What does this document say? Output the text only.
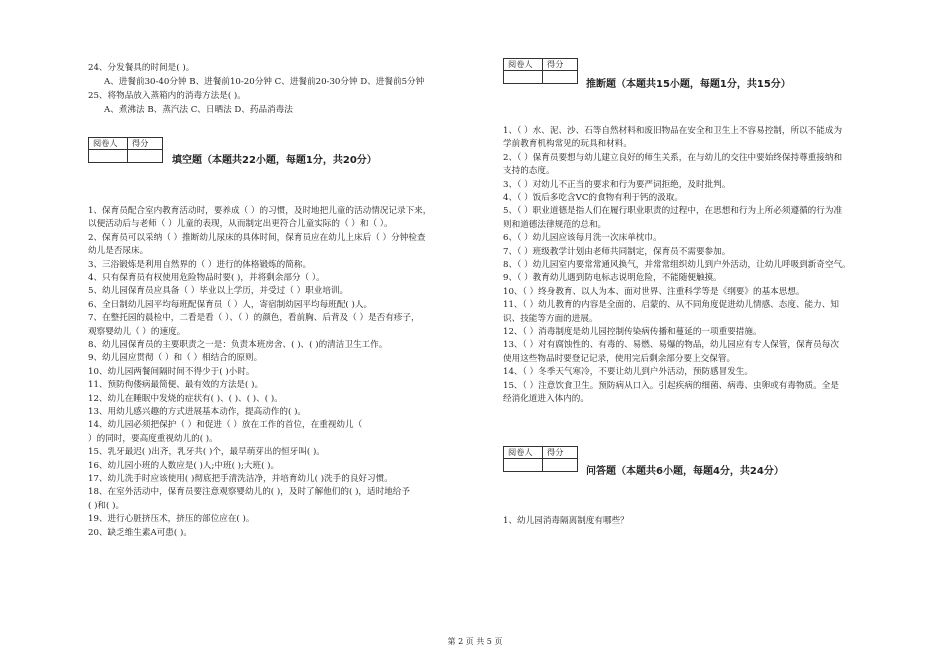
24、分发餐具的时间是( )。
A、进餐前30-40分钟 B、进餐前10-20分钟 C、进餐前20-30分钟 D、进餐前5分钟
25、将物品放入蒸箱内的消毒方法是( )。
A、煮沸法 B、蒸汽法 C、日晒法 D、药品消毒法
阅卷人	得分

填空题（本题共22小题，每题1分，共20分）
1、保育员配合室内教育活动时，要养成（ ）的习惯，及时地把儿童的活动情况记录下来，
以便活动后与老师（ ）儿童的表现，从而制定出更符合儿童实际的（ ）和（ ）。
2、保育员可以采纳（ ）推断幼儿尿床的具体时间，保育员应在幼儿上床后（ ）分钟检查
幼儿是否尿床。
3、三浴锻炼是利用自然界的（ ）进行的体格锻炼的简称。
4、只有保育员有权使用危险物品时要( )，并将剩余部分（ ）。
5、幼儿园保育员应具备（ ）毕业以上学历，并受过（ ）职业培训。
6、全日制幼儿园平均每班配保育员（ ）人，寄宿制幼园平均每班配( )人。
7、在整托园的晨检中，二看是看（ ）、（ ）的颜色，看前胸、后背及（ ）是否有疹子，
观察婴幼儿（ ）的速度。
8、幼儿园保育员的主要职责之一是：负责本班房舍、( )、( )的清洁卫生工作。
9、幼儿园应贯彻（ ）和（ ）相结合的原则。
10、幼儿园两餐间隔时间不得少于( )小时。
11、预防佝偻病最简便、最有效的方法是( )。
12、幼儿在睡眠中发烧的症状有( )、( )、( )、( )。
13、用幼儿感兴趣的方式进展基本动作，提高动作的( )。
14、幼儿园必须把保护（ ）和促进（ ）放在工作的首位，在重视幼儿（
）的同时，要高度重视幼儿的( )。
15、乳牙最迟( )出齐，乳牙共( )个，最早萌芽出的恒牙叫( )。
16、幼儿园小班的人数应是( )人;中班( );大班( )。
17、幼儿洗手时应该使用( )彻底把手清洗洁净，并培育幼儿( )洗手的良好习惯。
18、在室外活动中，保育员要注意观察婴幼儿的( )，及时了解他们的( )，适时地给予
( )和( )。
19、进行心脏挤压术，挤压的部位应在( )。
20、缺乏维生素A可患( )。
阅卷人	得分

推断题（本题共15小题，每题1分，共15分）
1、（ ）水、泥、沙、石等自然材料和废旧物品在安全和卫生上不容易控制，所以不能成为
学前教育机构常见的玩具和材料。
2、（ ）保育员要想与幼儿建立良好的师生关系，在与幼儿的交往中要始终保持尊重接纳和
支持的态度。
3、（ ）对幼儿不正当的要求和行为要严词拒绝，及时批判。
4、（ ）饭后多吃含VC的食物有利于钙的汲取。
5、（ ）职业道德是指人们在履行职业职责的过程中，在思想和行为上所必须遵循的行为准
则和道德法律规范的总和。
6、（ ）幼儿园应该每月洗一次床单枕巾。
7、（ ）班级教学计划由老师共同制定，保育员不需要参加。
8、（ ）幼儿园室内要常常通风换气，并常常组织幼儿到户外活动，让幼儿呼吸到新奇空气。
9、（ ）教育幼儿遇到防电标志说明危险，不能随便触摸。
10、（ ）终身教育、以人为本、面对世界、注重科学等是《纲要》的基本思想。
11、（ ）幼儿教育的内容是全面的、启蒙的、从不同角度促进幼儿情感、态度、能力、知
识、技能等方面的进展。
12、（ ）消毒制度是幼儿园控制传染病传播和蔓延的一项重要措施。
13、（ ）对有腐蚀性的、有毒的、易燃、易爆的物品，幼儿园应有专人保管，保育员每次
使用这些物品时要登记记录，使用完后剩余部分要上交保管。
14、（ ）冬季天气寒冷，不要让幼儿到户外活动，预防感冒发生。
15、（ ）注意饮食卫生。预防病从口入。引起疾病的细菌、病毒、虫卵或有毒物质。全是
经消化道进入体内的。
阅卷人	得分

问答题（本题共6小题，每题4分，共24分）
1、幼儿园消毒隔离制度有哪些？
第 2 页 共 5 页
